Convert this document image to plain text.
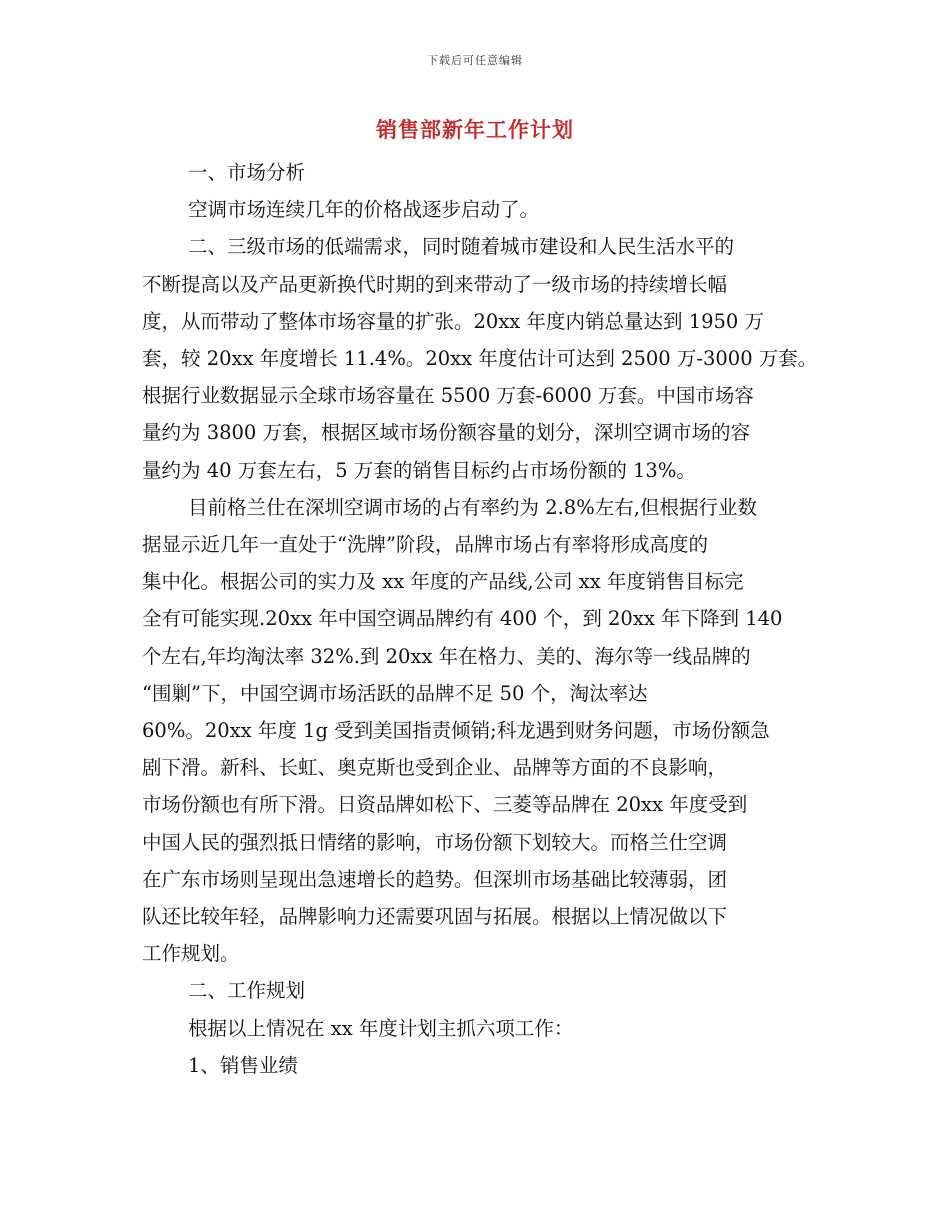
下载后可任意编辑
销售部新年工作计划
一、市场分析
空调市场连续几年的价格战逐步启动了。
二、三级市场的低端需求，同时随着城市建设和人民生活水平的
不断提高以及产品更新换代时期的到来带动了一级市场的持续增长幅
度，从而带动了整体市场容量的扩张。20xx 年度内销总量达到 1950 万
套，较 20xx 年度增长 11.4%。20xx 年度估计可达到 2500 万-3000 万套。
根据行业数据显示全球市场容量在 5500 万套-6000 万套。中国市场容
量约为 3800 万套，根据区域市场份额容量的划分，深圳空调市场的容
量约为 40 万套左右，5 万套的销售目标约占市场份额的 13%。
目前格兰仕在深圳空调市场的占有率约为 2.8%左右,但根据行业数
据显示近几年一直处于“洗牌”阶段，品牌市场占有率将形成高度的
集中化。根据公司的实力及 xx 年度的产品线,公司 xx 年度销售目标完
全有可能实现.20xx 年中国空调品牌约有 400 个，到 20xx 年下降到 140
个左右,年均淘汰率 32%.到 20xx 年在格力、美的、海尔等一线品牌的
“围剿”下，中国空调市场活跃的品牌不足 50 个，淘汰率达
60%。20xx 年度 1g 受到美国指责倾销;科龙遇到财务问题，市场份额急
剧下滑。新科、长虹、奥克斯也受到企业、品牌等方面的不良影响，
市场份额也有所下滑。日资品牌如松下、三菱等品牌在 20xx 年度受到
中国人民的强烈抵日情绪的影响，市场份额下划较大。而格兰仕空调
在广东市场则呈现出急速增长的趋势。但深圳市场基础比较薄弱，团
队还比较年轻，品牌影响力还需要巩固与拓展。根据以上情况做以下
工作规划。
二、工作规划
根据以上情况在 xx 年度计划主抓六项工作：
1、销售业绩
